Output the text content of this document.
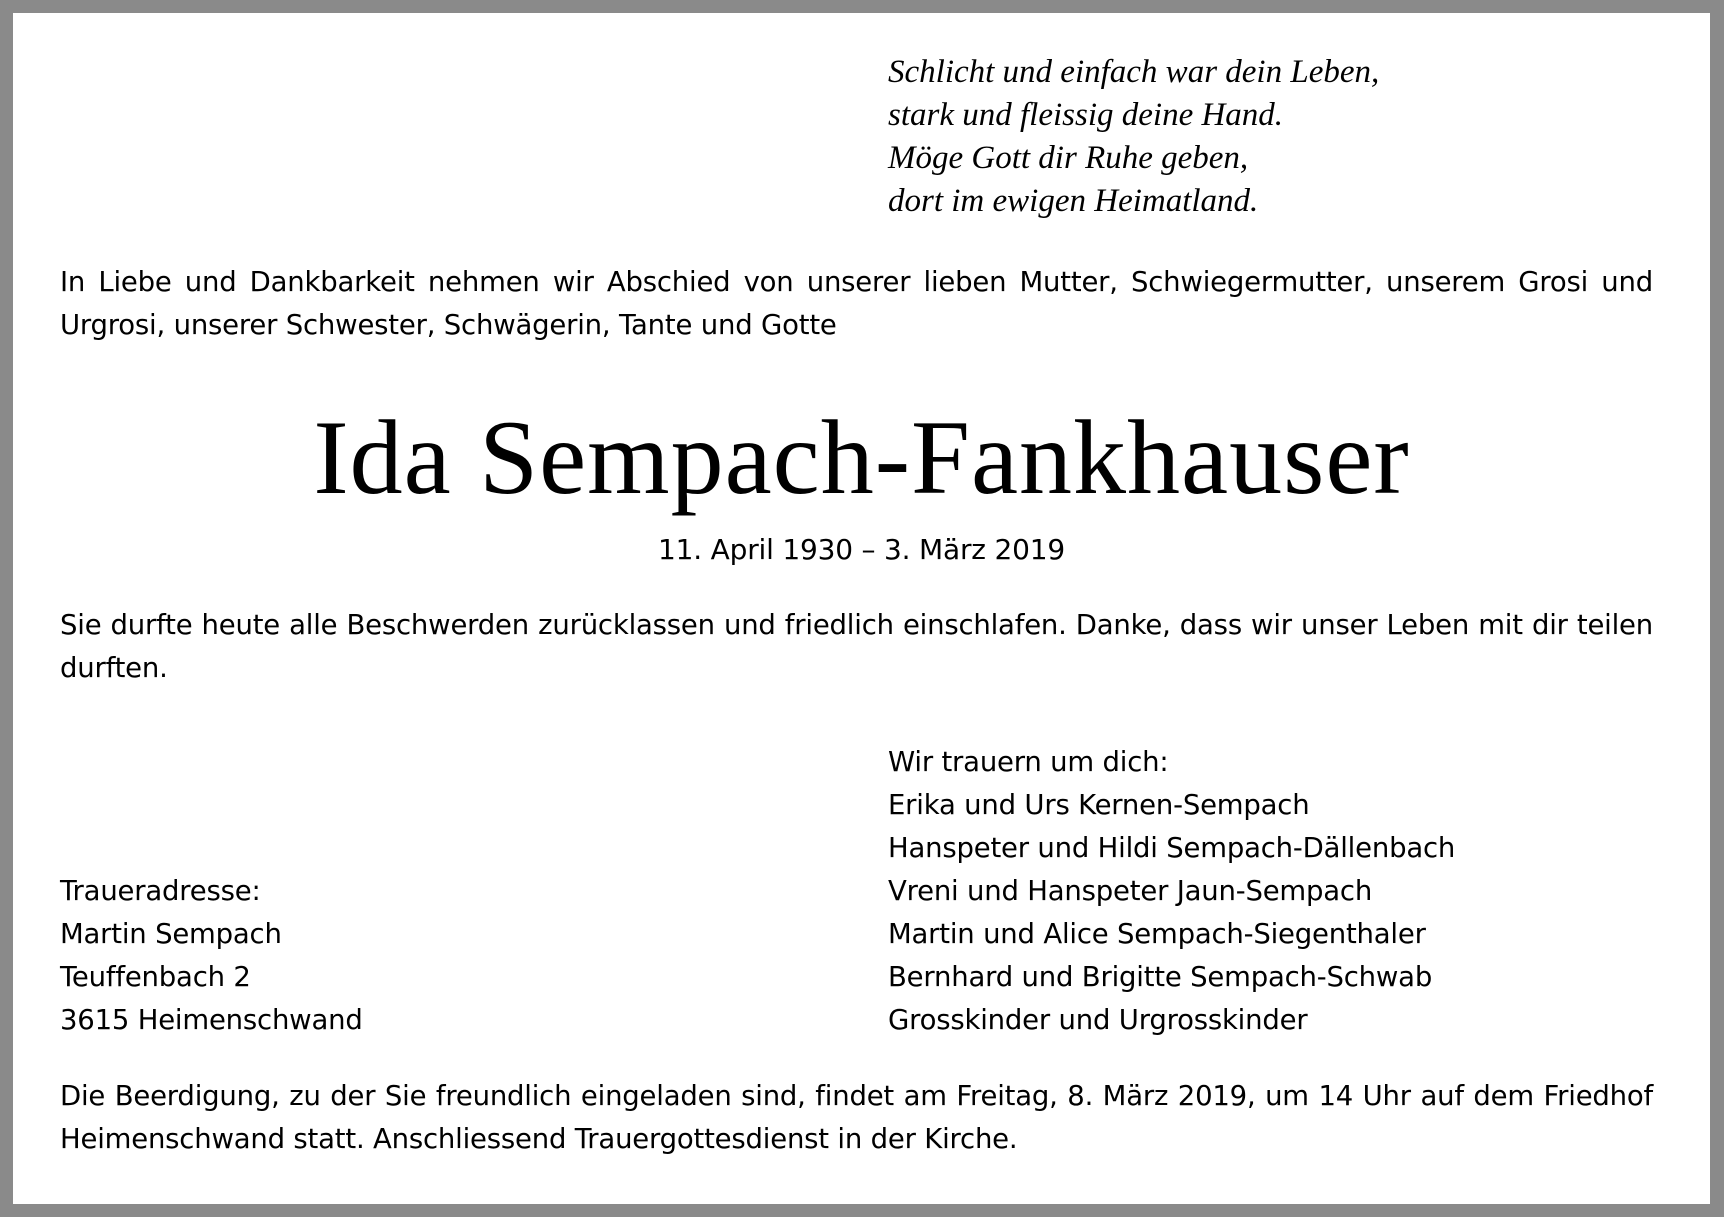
Schlicht und einfach war dein Leben,
stark und fleissig deine Hand.
Möge Gott dir Ruhe geben,
dort im ewigen Heimatland.
In Liebe und Dankbarkeit nehmen wir Abschied von unserer lieben Mutter, Schwiegermutter, unserem Grosi und Urgrosi, unserer Schwester, Schwägerin, Tante und Gotte
Ida Sempach-Fankhauser
11. April 1930 – 3. März 2019
Sie durfte heute alle Beschwerden zurücklassen und friedlich einschlafen. Danke, dass wir unser Leben mit dir teilen durften.
Wir trauern um dich:
Erika und Urs Kernen-Sempach
Hanspeter und Hildi Sempach-Dällenbach
Vreni und Hanspeter Jaun-Sempach
Martin und Alice Sempach-Siegenthaler
Bernhard und Brigitte Sempach-Schwab
Grosskinder und Urgrosskinder
Traueradresse:
Martin Sempach
Teuffenbach 2
3615 Heimenschwand
Die Beerdigung, zu der Sie freundlich eingeladen sind, findet am Freitag, 8. März 2019, um 14 Uhr auf dem Friedhof Heimenschwand statt. Anschliessend Trauergottesdienst in der Kirche.
